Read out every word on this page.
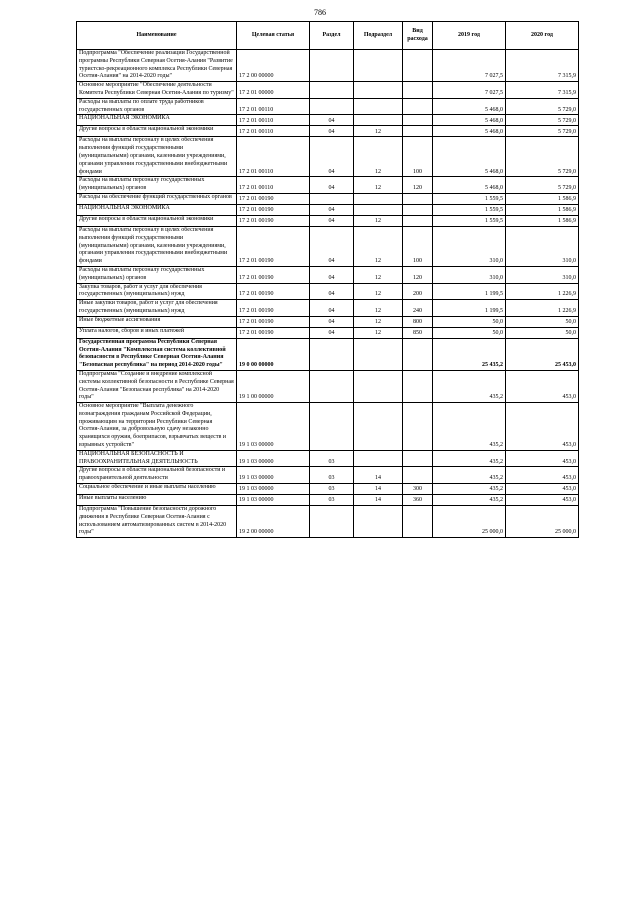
786
Наименование	Целевая статья	Раздел	Подраздел	Вид расхода	2019 год	2020 год
Подпрограмма "Обеспечение реализации Государственной программы Республики Северная Осетия-Алания "Развитие туристско-рекреационного комплекса Республики Северная Осетия-Алания" на 2014-2020 годы"	17 2 00 00000				7 027,5	7 315,9
Основное мероприятие "Обеспечение деятельности Комитета Республики Северная Осетия-Алания по туризму"	17 2 01 00000				7 027,5	7 315,9
Расходы на выплаты по оплате труда работников государственных органов	17 2 01 00110				5 468,0	5 729,0
НАЦИОНАЛЬНАЯ ЭКОНОМИКА	17 2 01 00110	04			5 468,0	5 729,0
Другие вопросы в области национальной экономики	17 2 01 00110	04	12		5 468,0	5 729,0
Расходы на выплаты персоналу в целях обеспечения выполнения функций государственными (муниципальными) органами, казенными учреждениями, органами управления государственными внебюджетными фондами	17 2 01 00110	04	12	100	5 468,0	5 729,0
Расходы на выплаты персоналу государственных (муниципальных) органов	17 2 01 00110	04	12	120	5 468,0	5 729,0
Расходы на обеспечение функций государственных органов	17 2 01 00190				1 559,5	1 586,9
НАЦИОНАЛЬНАЯ ЭКОНОМИКА	17 2 01 00190	04			1 559,5	1 586,9
Другие вопросы в области национальной экономики	17 2 01 00190	04	12		1 559,5	1 586,9
Расходы на выплаты персоналу в целях обеспечения выполнения функций государственными (муниципальными) органами, казенными учреждениями, органами управления государственными внебюджетными фондами	17 2 01 00190	04	12	100	310,0	310,0
Расходы на выплаты персоналу государственных (муниципальных) органов	17 2 01 00190	04	12	120	310,0	310,0
Закупка товаров, работ и услуг для обеспечения государственных (муниципальных) нужд	17 2 01 00190	04	12	200	1 199,5	1 226,9
Иные закупки товаров, работ и услуг для обеспечения государственных (муниципальных) нужд	17 2 01 00190	04	12	240	1 199,5	1 226,9
Иные бюджетные ассигнования	17 2 01 00190	04	12	800	50,0	50,0
Уплата налогов, сборов и иных платежей	17 2 01 00190	04	12	850	50,0	50,0
Государственная программа Республики Северная Осетия-Алания "Комплексная система коллективной безопасности в Республике Северная Осетия-Алания "Безопасная республика" на период 2014-2020 годы"	19 0 00 00000				25 435,2	25 453,0
Подпрограмма "Создание и внедрение комплексной системы коллективной безопасности в Республике Северная Осетия-Алания "Безопасная республика" на 2014-2020 годы"	19 1 00 00000				435,2	453,0
Основное мероприятие "Выплата денежного вознаграждения гражданам Российской Федерации, проживающим на территории Республики Северная Осетия-Алания, за добровольную сдачу незаконно хранящихся оружия, боеприпасов, взрывчатых веществ и взрывных устройств"	19 1 03 00000				435,2	453,0
НАЦИОНАЛЬНАЯ БЕЗОПАСНОСТЬ И ПРАВООХРАНИТЕЛЬНАЯ ДЕЯТЕЛЬНОСТЬ	19 1 03 00000	03			435,2	453,0
Другие вопросы в области национальной безопасности и правоохранительной деятельности	19 1 03 00000	03	14		435,2	453,0
Социальное обеспечение и иные выплаты населению	19 1 03 00000	03	14	300	435,2	453,0
Иные выплаты населению	19 1 03 00000	03	14	360	435,2	453,0
Подпрограмма "Повышение безопасности дорожного движения в Республике Северная Осетия-Алания с использованием автоматизированных систем в 2014-2020 годы"	19 2 00 00000				25 000,0	25 000,0
